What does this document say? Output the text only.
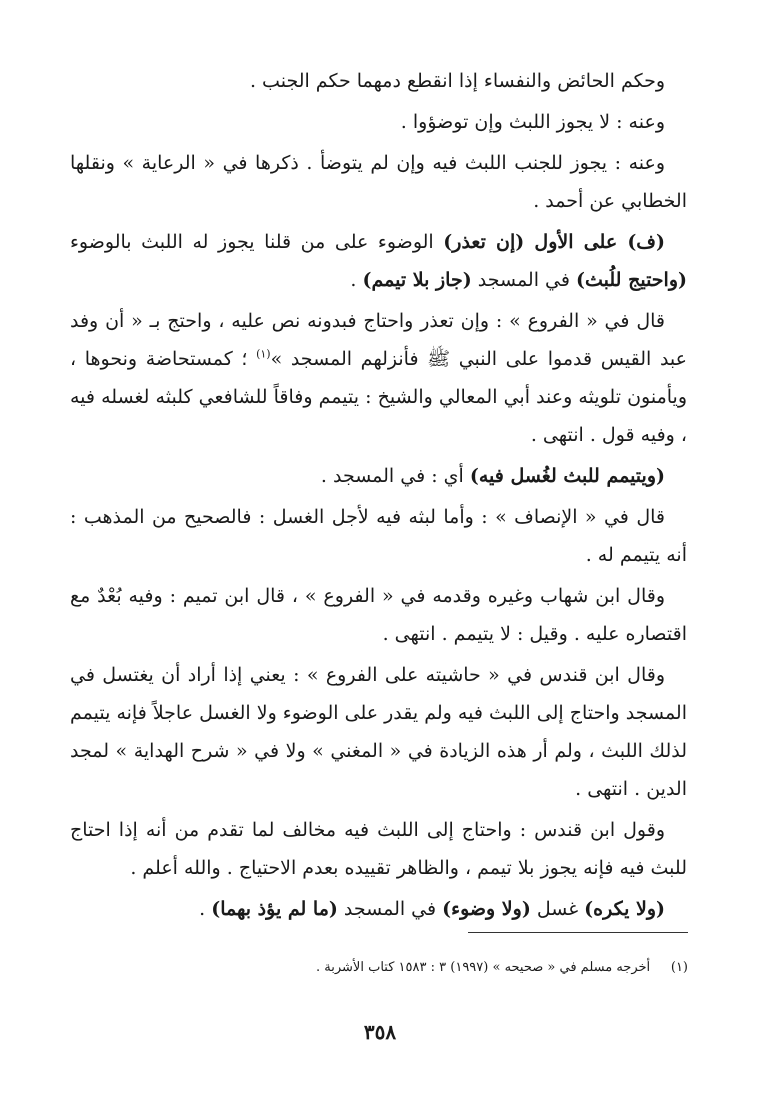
وحكم الحائض والنفساء إذا انقطع دمهما حكم الجنب .

وعنه : لا يجوز اللبث وإن توضؤوا .

وعنه : يجوز للجنب اللبث فيه وإن لم يتوضأ . ذكرها في « الرعاية » ونقلها الخطابي عن أحمد .

(ف) على الأول (إن تعذر) الوضوء على من قلنا يجوز له اللبث بالوضوء (واحتيج للُبث) في المسجد (جاز بلا تيمم) .

قال في « الفروع » : وإن تعذر واحتاج فبدونه نص عليه ، واحتج بـ « أن وفد عبد القيس قدموا على النبي ﷺ فأنزلهم المسجد »$^{(١)}$ ؛ كمستحاضة ونحوها ، ويأمنون تلويثه وعند أبي المعالي والشيخ : يتيمم وفاقاً للشافعي كلبثه لغسله فيه ، وفيه قول . انتهى .

(ويتيمم للبث لغُسل فيه) أي : في المسجد .

قال في « الإنصاف » : وأما لبثه فيه لأجل الغسل : فالصحيح من المذهب : أنه يتيمم له .

وقال ابن شهاب وغيره وقدمه في « الفروع » ، قال ابن تميم : وفيه بُعْدٌ مع اقتصاره عليه . وقيل : لا يتيمم . انتهى .

وقال ابن قندس في « حاشيته على الفروع » : يعني إذا أراد أن يغتسل في المسجد واحتاج إلى اللبث فيه ولم يقدر على الوضوء ولا الغسل عاجلاً فإنه يتيمم لذلك اللبث ، ولم أر هذه الزيادة في « المغني » ولا في « شرح الهداية » لمجد الدين . انتهى .

وقول ابن قندس : واحتاج إلى اللبث فيه مخالف لما تقدم من أنه إذا احتاج للبث فيه فإنه يجوز بلا تيمم ، والظاهر تقييده بعدم الاحتياج . والله أعلم .

(ولا يكره) غسل (ولا وضوء) في المسجد (ما لم يؤذ بهما) .

(١)     أخرجه مسلم في « صحيحه » (١٩٩٧) ٣ : ١٥٨٣ كتاب الأشربة .
٣٥٨
